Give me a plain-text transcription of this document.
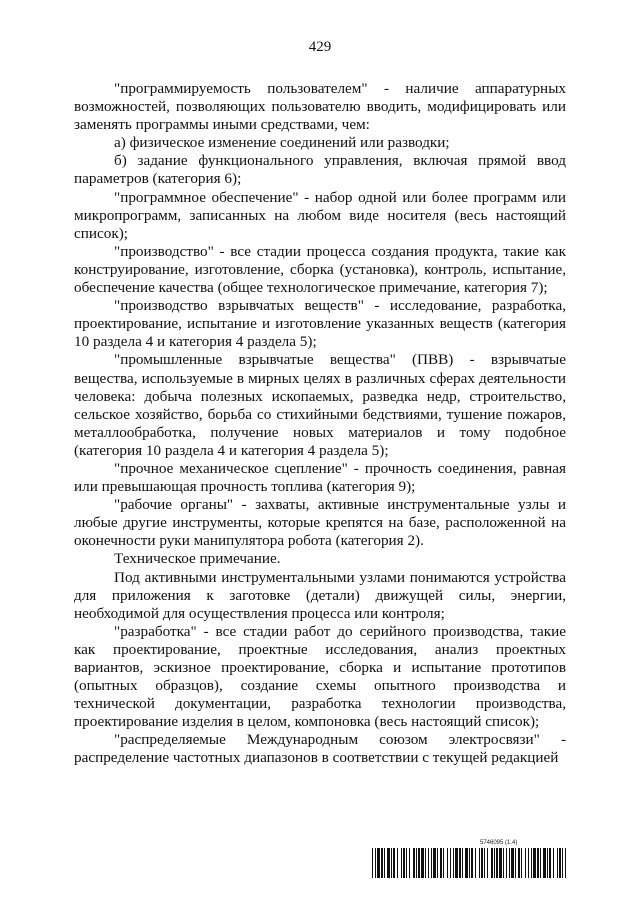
429

"программируемость пользователем" - наличие аппаратурных возможностей, позволяющих пользователю вводить, модифицировать или заменять программы иными средствами, чем:

а) физическое изменение соединений или разводки;

б) задание функционального управления, включая прямой ввод параметров (категория 6);

"программное обеспечение" - набор одной или более программ или микропрограмм, записанных на любом виде носителя (весь настоящий список);

"производство" - все стадии процесса создания продукта, такие как конструирование, изготовление, сборка (установка), контроль, испытание, обеспечение качества (общее технологическое примечание, категория 7);

"производство взрывчатых веществ" - исследование, разработка, проектирование, испытание и изготовление указанных веществ (категория 10 раздела 4 и категория 4 раздела 5);

"промышленные взрывчатые вещества" (ПВВ) - взрывчатые вещества, используемые в мирных целях в различных сферах деятельности человека: добыча полезных ископаемых, разведка недр, строительство, сельское хозяйство, борьба со стихийными бедствиями, тушение пожаров, металлообработка, получение новых материалов и тому подобное (категория 10 раздела 4 и категория 4 раздела 5);

"прочное механическое сцепление" - прочность соединения, равная или превышающая прочность топлива (категория 9);

"рабочие органы" - захваты, активные инструментальные узлы и любые другие инструменты, которые крепятся на базе, расположенной на оконечности руки манипулятора робота (категория 2).

Техническое примечание.

Под активными инструментальными узлами понимаются устройства для приложения к заготовке (детали) движущей силы, энергии, необходимой для осуществления процесса или контроля;

"разработка" - все стадии работ до серийного производства, такие как проектирование, проектные исследования, анализ проектных вариантов, эскизное проектирование, сборка и испытание прототипов (опытных образцов), создание схемы опытного производства и технической документации, разработка технологии производства, проектирование изделия в целом, компоновка (весь настоящий список);

"распределяемые Международным союзом электросвязи" - распределение частотных диапазонов в соответствии с текущей редакцией

5746095 (1.4)
